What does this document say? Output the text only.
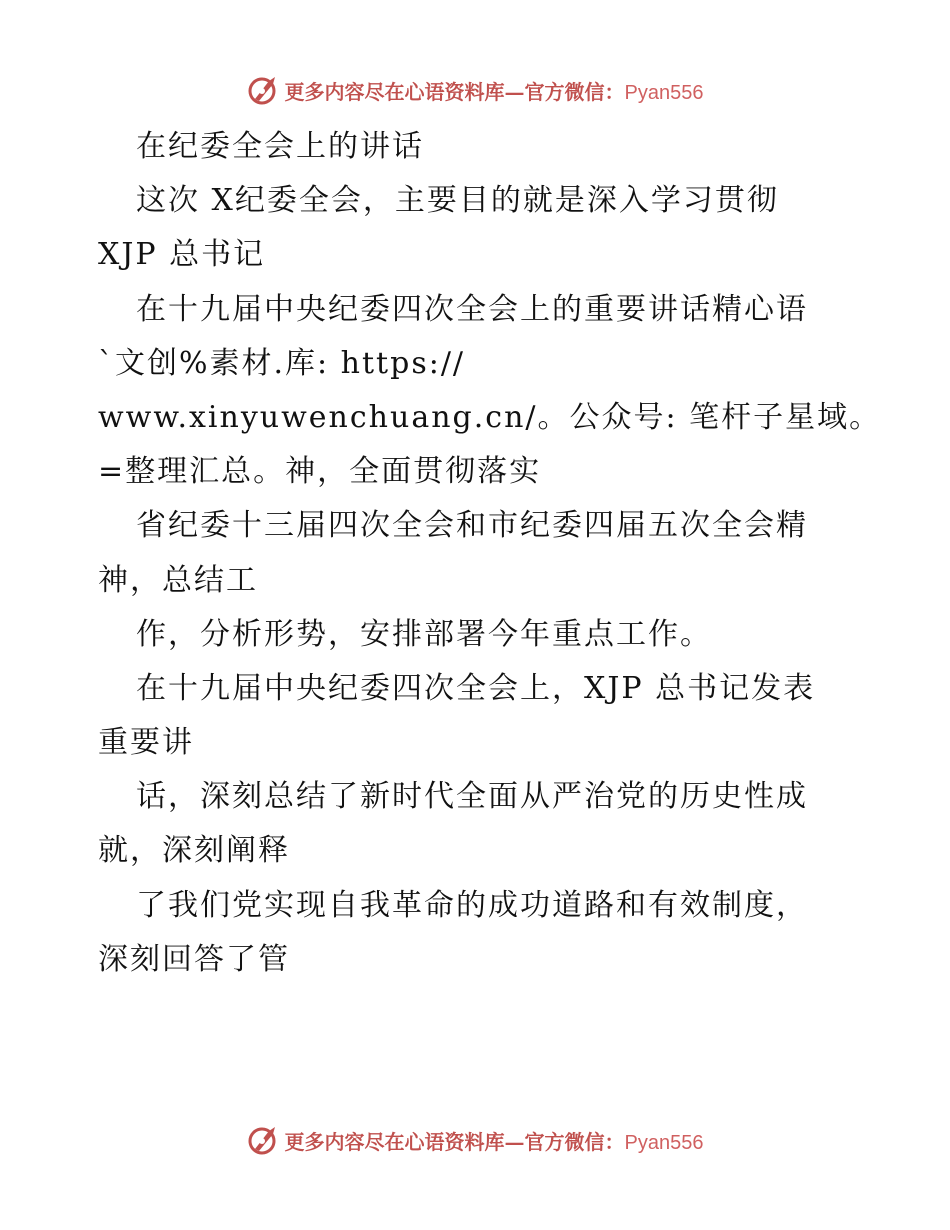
更多内容尽在心语资料库—官方微信：Pyan556
在纪委全会上的讲话
这次 X纪委全会，主要目的就是深入学习贯彻
XJP 总书记
在十九届中央纪委四次全会上的重要讲话精心语
`文创%素材.库: https://
www.xinyuwenchuang.cn/。公众号: 笔杆子星域。
=整理汇总。神，全面贯彻落实
省纪委十三届四次全会和市纪委四届五次全会精
神，总结工
作，分析形势，安排部署今年重点工作。
在十九届中央纪委四次全会上，XJP 总书记发表
重要讲
话，深刻总结了新时代全面从严治党的历史性成
就，深刻阐释
了我们党实现自我革命的成功道路和有效制度，
深刻回答了管
更多内容尽在心语资料库—官方微信：Pyan556
